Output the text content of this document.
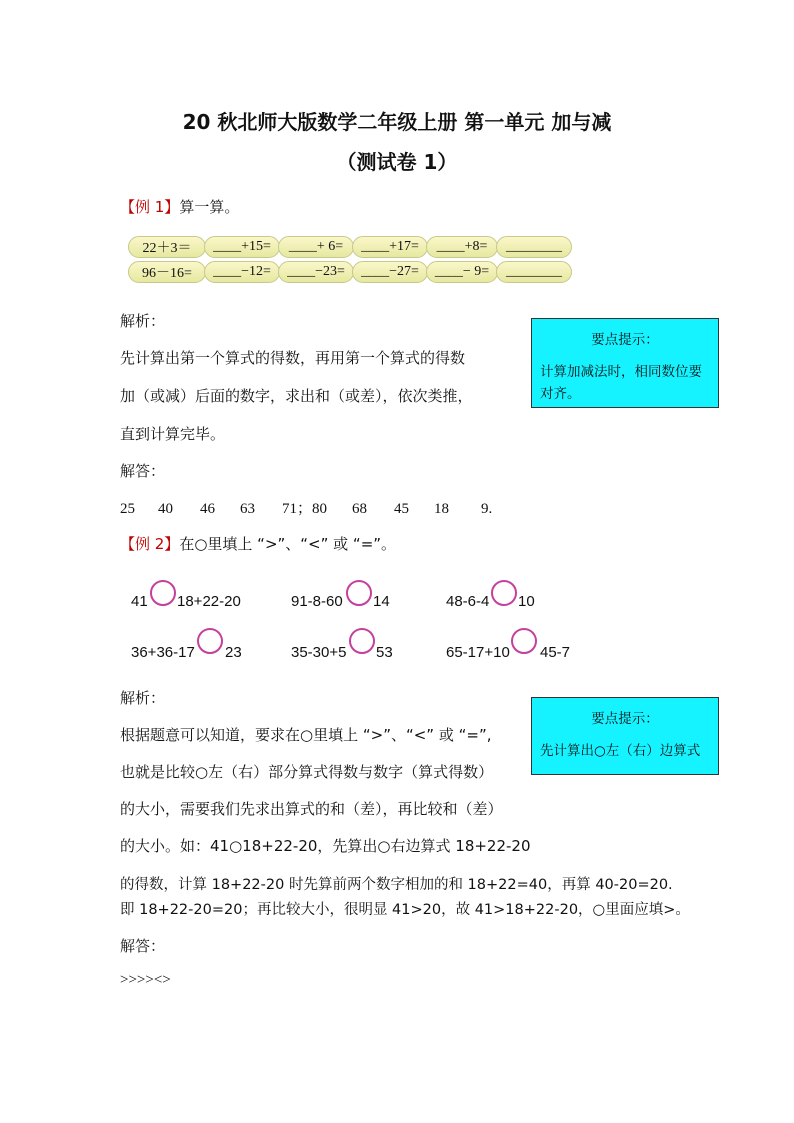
20 秋北师大版数学二年级上册 第一单元 加与减
（测试卷 1）
【例 1】算一算。
22＋3＝	____+15=	____+ 6=	____+17=	____+8=	________
96－16=	____−12=	____−23=	____−27=	____− 9=	________
解析：
先计算出第一个算式的得数，再用第一个算式的得数
加（或减）后面的数字，求出和（或差），依次类推，
直到计算完毕。
要点提示：
计算加减法时，相同数位要
对齐。
解答：
25 40 46 63 71；80 68 45 18 9.
【例 2】在○里填上 “>”、“<” 或 “=”。
41 18+22-20	91-8-60 14	48-6-4 10
36+36-17 23	35-30+5 53	65-17+10 45-7
解析：
根据题意可以知道，要求在○里填上 “>”、“<” 或 “=”,
也就是比较○左（右）部分算式得数与数字（算式得数）
的大小，需要我们先求出算式的和（差），再比较和（差）
的大小。如：41○18+22-20，先算出○右边算式 18+22-20
的得数，计算 18+22-20 时先算前两个数字相加的和 18+22=40，再算 40-20=20.
即 18+22-20=20；再比较大小，很明显 41>20，故 41>18+22-20，○里面应填>。
要点提示：
先计算出○左（右）边算式
解答：
>>>><>
